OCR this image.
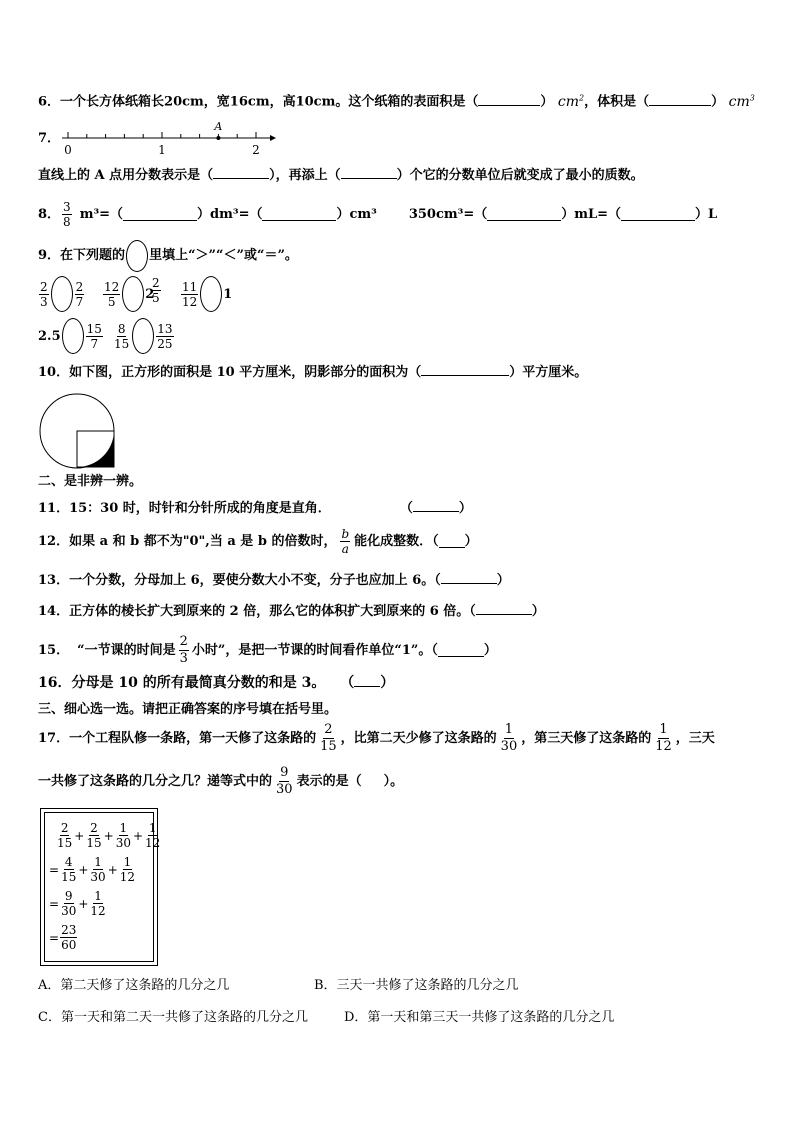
6．一个长方体纸箱长20cm，宽16cm，高10cm。这个纸箱的表面积是（	） $cm^2$，体积是（	） $cm^3$
7．
A
0	1	2
直线上的 A 点用分数表示是（	），再添上（	）个它的分数单位后就变成了最小的质数。
8． $\frac{3}{8} m^3=$（	）dm³=（	）cm³ 350cm³=（	）mL=（	）L
9． 在下列题的 里填上“＞”“＜”或“＝”。
$\frac{2}{3} \frac{2}{7} \frac{12}{5} 2$
$\frac{2}{5} \frac{11}{12} 1$
$2.5 \frac{15}{7} \frac{8}{15} \frac{13}{25}$
10．如下图，正方形的面积是 10 平方厘米，阴影部分的面积为（	）平方厘米。
二、是非辨一辨。
11．15：30 时，时针和分针所成的角度是直角．	（	）
12． 如果 a 和 b 都不为"0",当 a 是 b 的倍数时， $\frac{b}{a}$ 能化成整数．（ ）
13．一个分数，分母加上 6，要使分数大小不变，分子也应加上 6。（	）
14．正方体的棱长扩大到原来的 2 倍，那么它的体积扩大到原来的 6 倍。（	）
15． “一节课的时间是 $\frac{2}{3}$ 小时”，是把一节课的时间看作单位“1”。（	）
16．分母是 10 的所有最简真分数的和是 3。 （ ）
三、细心选一选。请把正确答案的序号填在括号里。
17． 一个工程队修一条路，第一天修了这条路的 $\frac{2}{15}$ ，比第二天少修了这条路的 $\frac{1}{30}$ ，第三天修了这条路的 $\frac{1}{12}$ ，三天
一共修了这条路的几分之几？递等式中的 $\frac{9}{30}$ 表示的是（ ）。
$\frac{2}{15} + \frac{2}{15} + \frac{1}{30} + \frac{1}{12}$
= $\frac{4}{15} + \frac{1}{30} + \frac{1}{12}$
= $\frac{9}{30} + \frac{1}{12}$
= $\frac{23}{60}$
A．第二天修了这条路的几分之几	B．三天一共修了这条路的几分之几
C．第一天和第二天一共修了这条路的几分之几	D．第一天和第三天一共修了这条路的几分之几
